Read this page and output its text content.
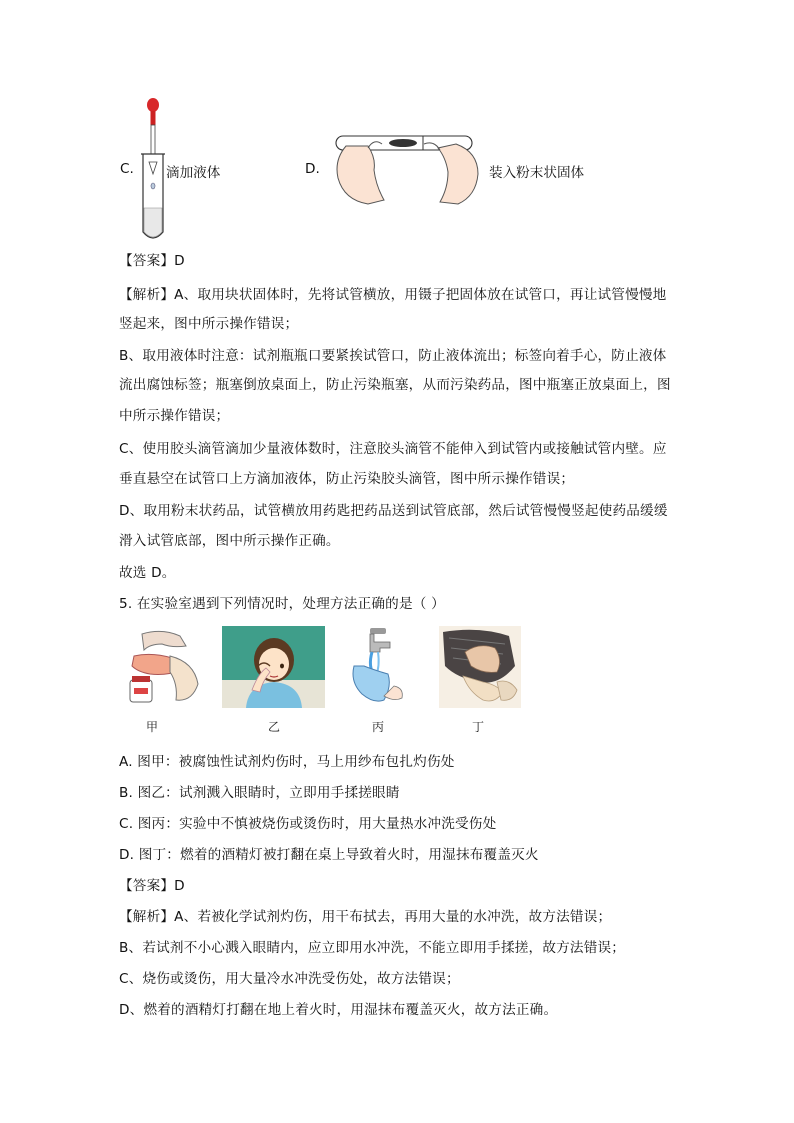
C. 滴加液体	D.	装入粉末状固体
【答案】D
【解析】A、取用块状固体时，先将试管横放，用镊子把固体放在试管口，再让试管慢慢地
竖起来，图中所示操作错误；
B、取用液体时注意：试剂瓶瓶口要紧挨试管口，防止液体流出；标签向着手心，防止液体
流出腐蚀标签；瓶塞倒放桌面上，防止污染瓶塞，从而污染药品，图中瓶塞正放桌面上，图
中所示操作错误；
C、使用胶头滴管滴加少量液体数时，注意胶头滴管不能伸入到试管内或接触试管内壁。应
垂直悬空在试管口上方滴加液体，防止污染胶头滴管，图中所示操作错误；
D、取用粉末状药品，试管横放用药匙把药品送到试管底部，然后试管慢慢竖起使药品缓缓
滑入试管底部，图中所示操作正确。
故选 D。
5. 在实验室遇到下列情况时，处理方法正确的是（ ）
甲	乙	丙	丁
A. 图甲：被腐蚀性试剂灼伤时，马上用纱布包扎灼伤处
B. 图乙：试剂溅入眼睛时，立即用手揉搓眼睛
C. 图丙：实验中不慎被烧伤或烫伤时，用大量热水冲洗受伤处
D. 图丁：燃着的酒精灯被打翻在桌上导致着火时，用湿抹布覆盖灭火
【答案】D
【解析】A、若被化学试剂灼伤，用干布拭去，再用大量的水冲洗，故方法错误；
B、若试剂不小心溅入眼睛内，应立即用水冲洗，不能立即用手揉搓，故方法错误；
C、烧伤或烫伤，用大量冷水冲洗受伤处，故方法错误；
D、燃着的酒精灯打翻在地上着火时，用湿抹布覆盖灭火，故方法正确。
